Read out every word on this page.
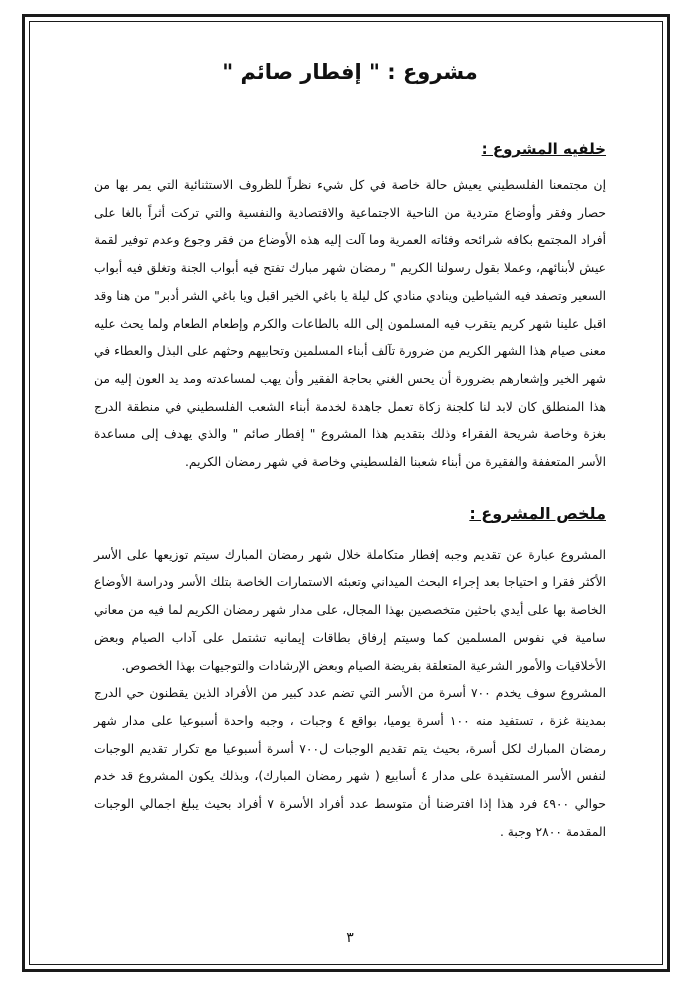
مشروع : " إفطار صائم "
خلفيه المشروع :

إن مجتمعنا الفلسطيني يعيش حالة خاصة في كل شيء نظراً للظروف الاستثنائية التي يمر بها من حصار وفقر وأوضاع متردية من الناحية الاجتماعية والاقتصادية والنفسية والتي تركت أثراً بالغا على أفراد المجتمع بكافه شرائحه وفئاته العمرية وما آلت إليه هذه الأوضاع من فقر وجوع وعدم توفير لقمة عيش لأبنائهم، وعملا بقول رسولنا الكريم " رمضان شهر مبارك تفتح فيه أبواب الجنة وتغلق فيه أبواب السعير وتصفد فيه الشياطين وينادي منادي كل ليلة يا باغي الخير اقبل ويا باغي الشر أدبر" من هنا وقد اقبل علينا شهر كريم يتقرب فيه المسلمون إلى الله بالطاعات والكرم وإطعام الطعام ولما يحث عليه معنى صيام هذا الشهر الكريم من ضرورة تآلف أبناء المسلمين وتحابيهم وحثهم على البذل والعطاء في شهر الخير وإشعارهم بضرورة أن يحس الغني بحاجة الفقير وأن يهب لمساعدته ومد يد العون إليه من هذا المنطلق كان لابد لنا كلجنة زكاة تعمل جاهدة لخدمة أبناء الشعب الفلسطيني في منطقة الدرج بغزة وخاصة شريحة الفقراء وذلك بتقديم هذا المشروع " إفطار صائم " والذي يهدف إلى مساعدة الأسر المتعففة والفقيرة من أبناء شعبنا الفلسطيني وخاصة في شهر رمضان الكريم.

ملخص المشروع :

المشروع عبارة عن تقديم وجبه إفطار متكاملة خلال شهر رمضان المبارك سيتم توزيعها على الأسر الأكثر فقرا و احتياجا بعد إجراء البحث الميداني وتعبئه الاستمارات الخاصة بتلك الأسر ودراسة الأوضاع الخاصة بها على أيدي باحثين متخصصين بهذا المجال، على مدار شهر رمضان الكريم لما فيه من معاني سامية في نفوس المسلمين كما وسيتم إرفاق بطاقات إيمانيه تشتمل على آداب الصيام وبعض الأخلاقيات والأمور الشرعية المتعلقة بفريضة الصيام وبعض الإرشادات والتوجيهات بهذا الخصوص.

المشروع سوف يخدم ٧٠٠ أسرة من الأسر التي تضم عدد كبير من الأفراد الذين يقطنون حي الدرج بمدينة غزة ، تستفيد منه ١٠٠ أسرة يوميا، بواقع ٤ وجبات ، وجبه واحدة أسبوعيا على مدار شهر رمضان المبارك لكل أسرة، بحيث يتم تقديم الوجبات ل٧٠٠ أسرة أسبوعيا مع تكرار تقديم الوجبات لنفس الأسر المستفيدة على مدار ٤ أسابيع ( شهر رمضان المبارك)، وبذلك يكون المشروع قد خدم حوالي ٤٩٠٠ فرد هذا إذا افترضنا أن متوسط عدد أفراد الأسرة ٧ أفراد بحيث يبلغ اجمالي الوجبات المقدمة ٢٨٠٠ وجبة .

٣
